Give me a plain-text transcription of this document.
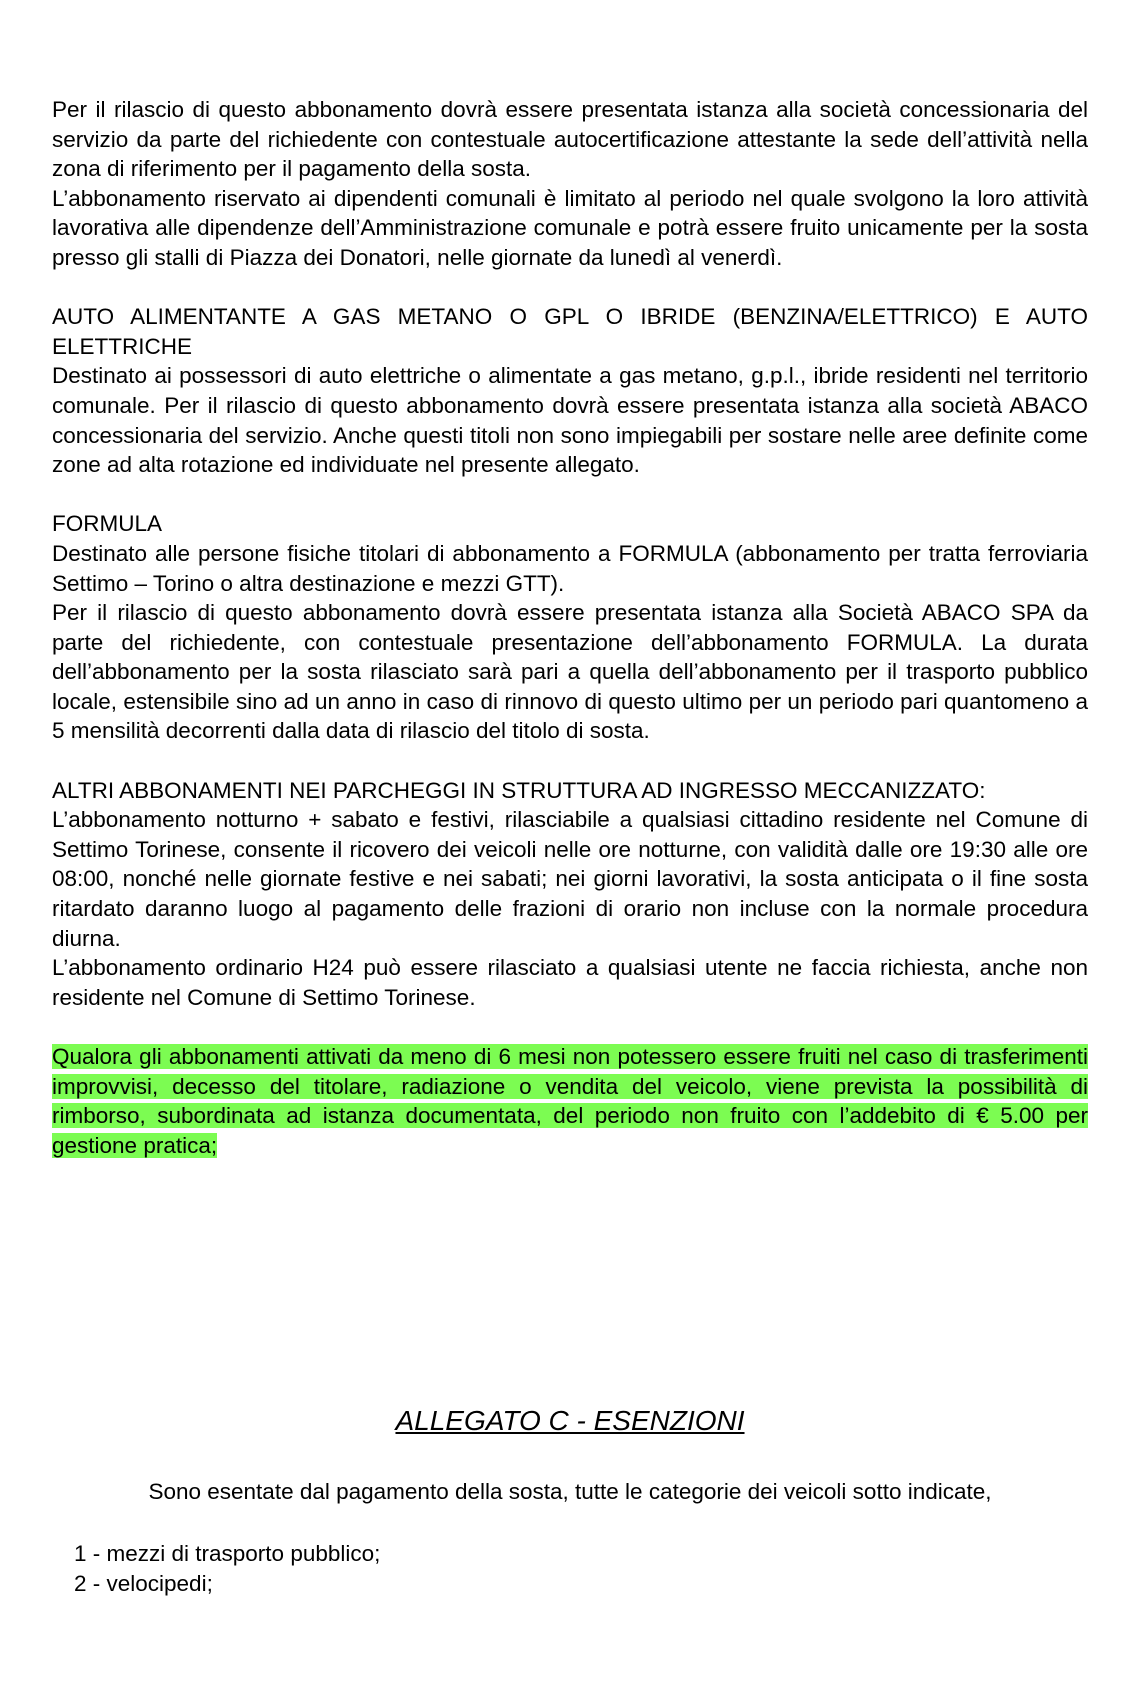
Per il rilascio di questo abbonamento dovrà essere presentata istanza alla società concessionaria del servizio da parte del richiedente con contestuale autocertificazione attestante la sede dell’attività nella zona di riferimento per il pagamento della sosta.

L’abbonamento riservato ai dipendenti comunali è limitato al periodo nel quale svolgono la loro attività lavorativa alle dipendenze dell’Amministrazione comunale e potrà essere fruito unicamente per la sosta presso gli stalli di Piazza dei Donatori, nelle giornate da lunedì al venerdì.

AUTO ALIMENTANTE A GAS METANO O GPL O IBRIDE (BENZINA/ELETTRICO) E AUTO ELETTRICHE

Destinato ai possessori di auto elettriche o alimentate a gas metano, g.p.l., ibride residenti nel territorio comunale. Per il rilascio di questo abbonamento dovrà essere presentata istanza alla società ABACO concessionaria del servizio. Anche questi titoli non sono impiegabili per sostare nelle aree definite come zone ad alta rotazione ed individuate nel presente allegato.

FORMULA

Destinato alle persone fisiche titolari di abbonamento a FORMULA (abbonamento per tratta ferroviaria Settimo – Torino o altra destinazione e mezzi GTT).

Per il rilascio di questo abbonamento dovrà essere presentata istanza alla Società ABACO SPA da parte del richiedente, con contestuale presentazione dell’abbonamento FORMULA. La durata dell’abbonamento per la sosta rilasciato sarà pari a quella dell’abbonamento per il trasporto pubblico locale, estensibile sino ad un anno in caso di rinnovo di questo ultimo per un periodo pari quantomeno a 5 mensilità decorrenti dalla data di rilascio del titolo di sosta.

ALTRI ABBONAMENTI NEI PARCHEGGI IN STRUTTURA AD INGRESSO MECCANIZZATO:

L’abbonamento notturno + sabato e festivi, rilasciabile a qualsiasi cittadino residente nel Comune di Settimo Torinese, consente il ricovero dei veicoli nelle ore notturne, con validità dalle ore 19:30 alle ore 08:00, nonché nelle giornate festive e nei sabati; nei giorni lavorativi, la sosta anticipata o il fine sosta ritardato daranno luogo al pagamento delle frazioni di orario non incluse con la normale procedura diurna.

L’abbonamento ordinario H24 può essere rilasciato a qualsiasi utente ne faccia richiesta, anche non residente nel Comune di Settimo Torinese.

Qualora gli abbonamenti attivati da meno di 6 mesi non potessero essere fruiti nel caso di trasferimenti improvvisi, decesso del titolare, radiazione o vendita del veicolo, viene prevista la possibilità di rimborso, subordinata ad istanza documentata, del periodo non fruito con l’addebito di € 5.00 per gestione pratica;

ALLEGATO C - ESENZIONI
Sono esentate dal pagamento della sosta, tutte le categorie dei veicoli sotto indicate,
1 - mezzi di trasporto pubblico;
2 - velocipedi;
